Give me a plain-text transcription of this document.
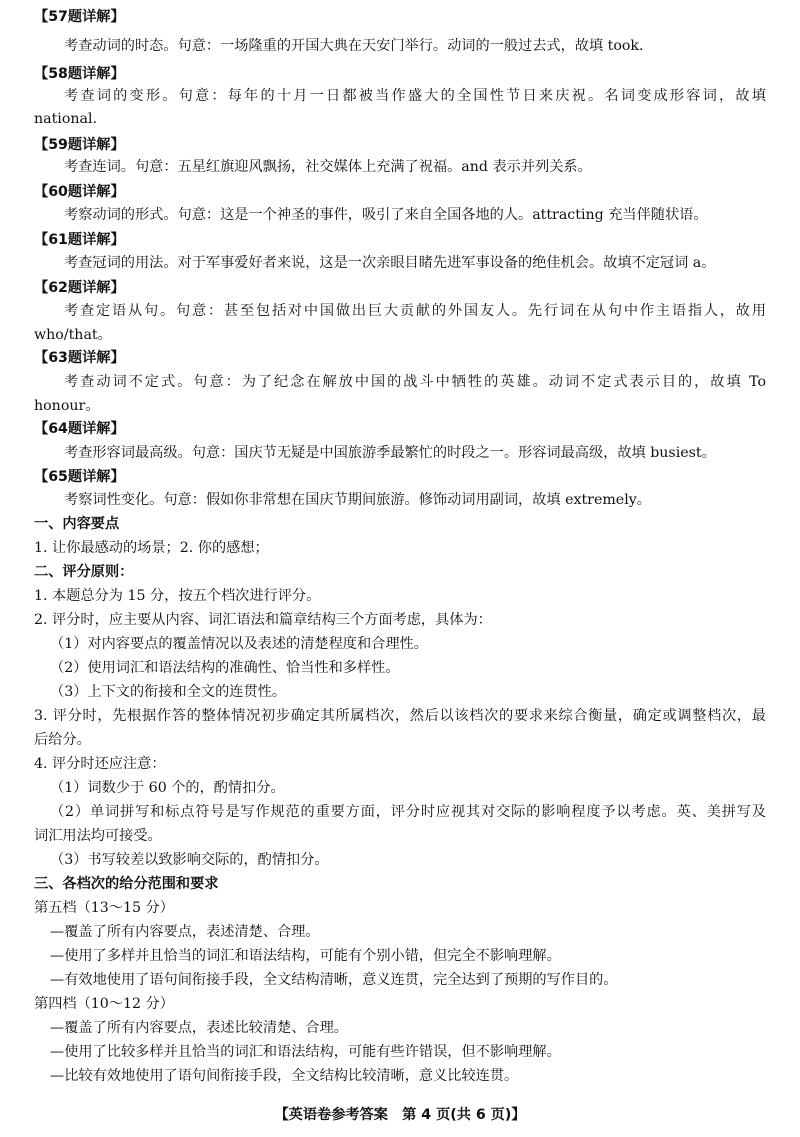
【57题详解】
考查动词的时态。句意：一场隆重的开国大典在天安门举行。动词的一般过去式，故填 took.
【58题详解】
考查词的变形。句意：每年的十月一日都被当作盛大的全国性节日来庆祝。名词变成形容词，故填
national.
【59题详解】
考查连词。句意：五星红旗迎风飘扬，社交媒体上充满了祝福。and 表示并列关系。
【60题详解】
考察动词的形式。句意：这是一个神圣的事件，吸引了来自全国各地的人。attracting 充当伴随状语。
【61题详解】
考查冠词的用法。对于军事爱好者来说，这是一次亲眼目睹先进军事设备的绝佳机会。故填不定冠词 a。
【62题详解】
考查定语从句。句意：甚至包括对中国做出巨大贡献的外国友人。先行词在从句中作主语指人，故用
who/that。
【63题详解】
考查动词不定式。句意：为了纪念在解放中国的战斗中牺牲的英雄。动词不定式表示目的，故填 To
honour。
【64题详解】
考查形容词最高级。句意：国庆节无疑是中国旅游季最繁忙的时段之一。形容词最高级，故填 busiest。
【65题详解】
考察词性变化。句意：假如你非常想在国庆节期间旅游。修饰动词用副词，故填 extremely。
一、内容要点
1. 让你最感动的场景；2. 你的感想；
二、评分原则：
1. 本题总分为 15 分，按五个档次进行评分。
2. 评分时，应主要从内容、词汇语法和篇章结构三个方面考虑，具体为：
（1）对内容要点的覆盖情况以及表述的清楚程度和合理性。
（2）使用词汇和语法结构的准确性、恰当性和多样性。
（3）上下文的衔接和全文的连贯性。
3. 评分时，先根据作答的整体情况初步确定其所属档次，然后以该档次的要求来综合衡量，确定或调整档次，最
后给分。
4. 评分时还应注意：
（1）词数少于 60 个的，酌情扣分。
（2）单词拼写和标点符号是写作规范的重要方面，评分时应视其对交际的影响程度予以考虑。英、美拼写及
词汇用法均可接受。
（3）书写较差以致影响交际的，酌情扣分。
三、各档次的给分范围和要求
第五档（13～15 分）
—覆盖了所有内容要点，表述清楚、合理。
—使用了多样并且恰当的词汇和语法结构，可能有个别小错，但完全不影响理解。
—有效地使用了语句间衔接手段，全文结构清晰，意义连贯，完全达到了预期的写作目的。
第四档（10～12 分）
—覆盖了所有内容要点，表述比较清楚、合理。
—使用了比较多样并且恰当的词汇和语法结构，可能有些许错误，但不影响理解。
—比较有效地使用了语句间衔接手段，全文结构比较清晰，意义比较连贯。
【英语卷参考答案　第 4 页(共 6 页)】
